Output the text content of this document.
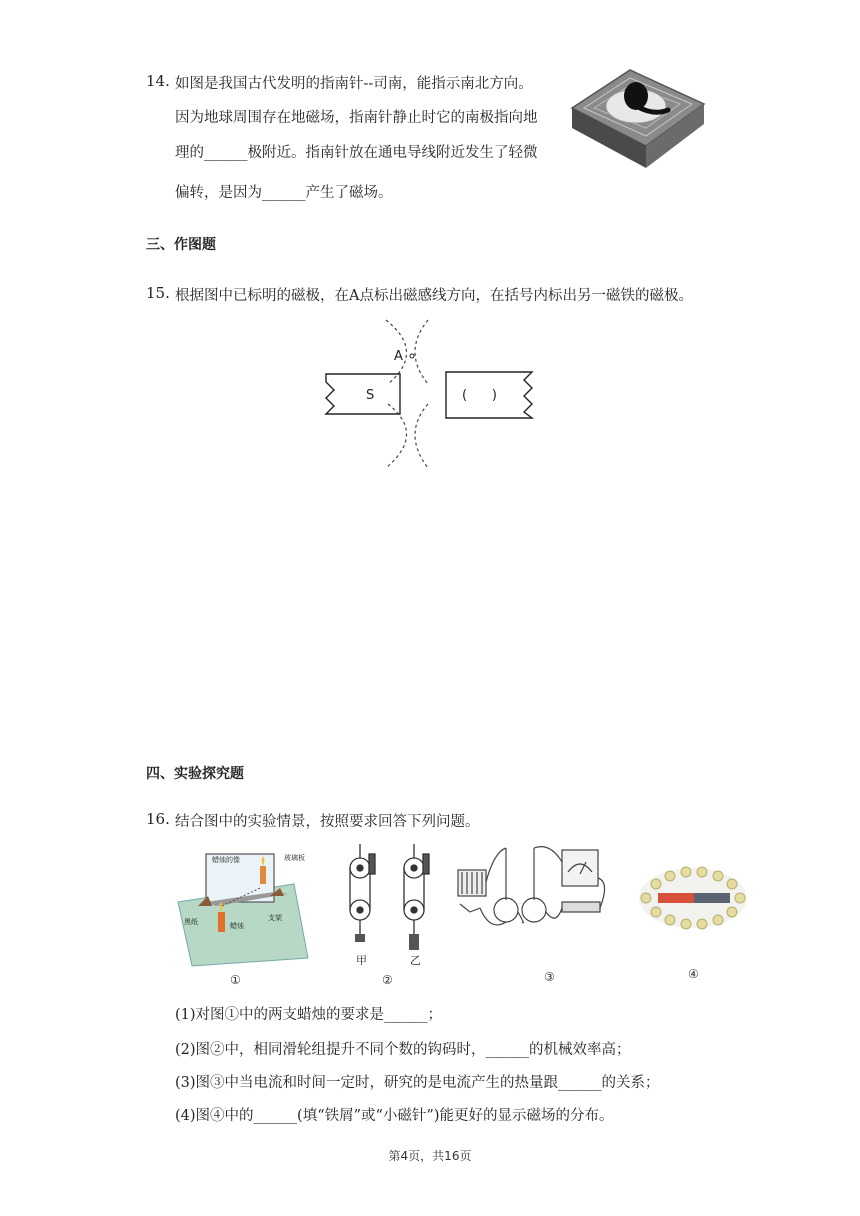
14. 如图是我国古代发明的指南针--司南，能指示南北方向。
因为地球周围存在地磁场，指南针静止时它的南极指向地
理的______极附近。指南针放在通电导线附近发生了轻微
偏转，是因为______产生了磁场。
三、作图题
15. 根据图中已标明的磁极，在A点标出磁感线方向，在括号内标出另一磁铁的磁极。
A
S	(      )
四、实验探究题
16. 结合图中的实验情景，按照要求回答下列问题。
蜡烛的像	玻璃板
支架
黑纸	蜡烛
甲	乙
①	②	③	④
(1)对图①中的两支蜡烛的要求是______；
(2)图②中，相同滑轮组提升不同个数的钩码时，______的机械效率高；
(3)图③中当电流和时间一定时，研究的是电流产生的热量跟______的关系；
(4)图④中的______(填“铁屑”或“小磁针”)能更好的显示磁场的分布。
第4页，共16页
